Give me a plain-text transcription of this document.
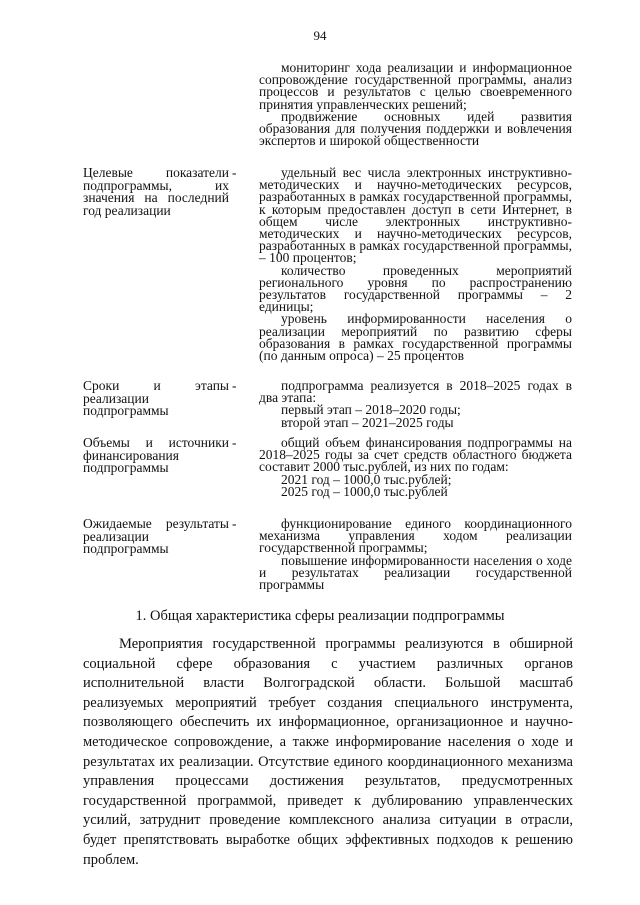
94

мониторинг хода реализации и информационное сопровождение государственной программы, анализ процессов и результатов с целью своевременного принятия управленческих решений;

продвижение основных идей развития образования для получения поддержки и вовлечения экспертов и широкой общественности

Целевые показатели подпрограммы, их значения на последний год реализации
-	удельный вес числа электронных инструктивно-методических и научно-методических ресурсов, разработанных в рамках государственной программы, к которым предоставлен доступ в сети Интернет, в общем числе электронных инструктивно-методических и научно-методических ресурсов, разработанных в рамках государственной программы, – 100 процентов;

количество проведенных мероприятий регионального уровня по распространению результатов государственной программы – 2 единицы;

уровень информированности населения о реализации мероприятий по развитию сферы образования в рамках государственной программы (по данным опроса) – 25 процентов

Сроки и этапы реализации подпрограммы
-	подпрограмма реализуется в 2018–2025 годах в два этапа:

первый этап – 2018–2020 годы;

второй этап – 2021–2025 годы

Объемы и источники финансирования подпрограммы
-	общий объем финансирования подпрограммы на 2018–2025 годы за счет средств областного бюджета составит 2000 тыс.рублей, из них по годам:

2021 год – 1000,0 тыс.рублей;

2025 год – 1000,0 тыс.рублей

Ожидаемые результаты реализации подпрограммы
-	функционирование единого координационного механизма управления ходом реализации государственной программы;

повышение информированности населения о ходе и результатах реализации государственной программы

1. Общая характеристика сферы реализации подпрограммы

Мероприятия государственной программы реализуются в обширной социальной сфере образования с участием различных органов исполнительной власти Волгоградской области. Большой масштаб реализуемых мероприятий требует создания специального инструмента, позволяющего обеспечить их информационное, организационное и научно-методическое сопровождение, а также информирование населения о ходе и результатах их реализации. Отсутствие единого координационного механизма управления процессами достижения результатов, предусмотренных государственной программой, приведет к дублированию управленческих усилий, затруднит проведение комплексного анализа ситуации в отрасли, будет препятствовать выработке общих эффективных подходов к решению проблем.
